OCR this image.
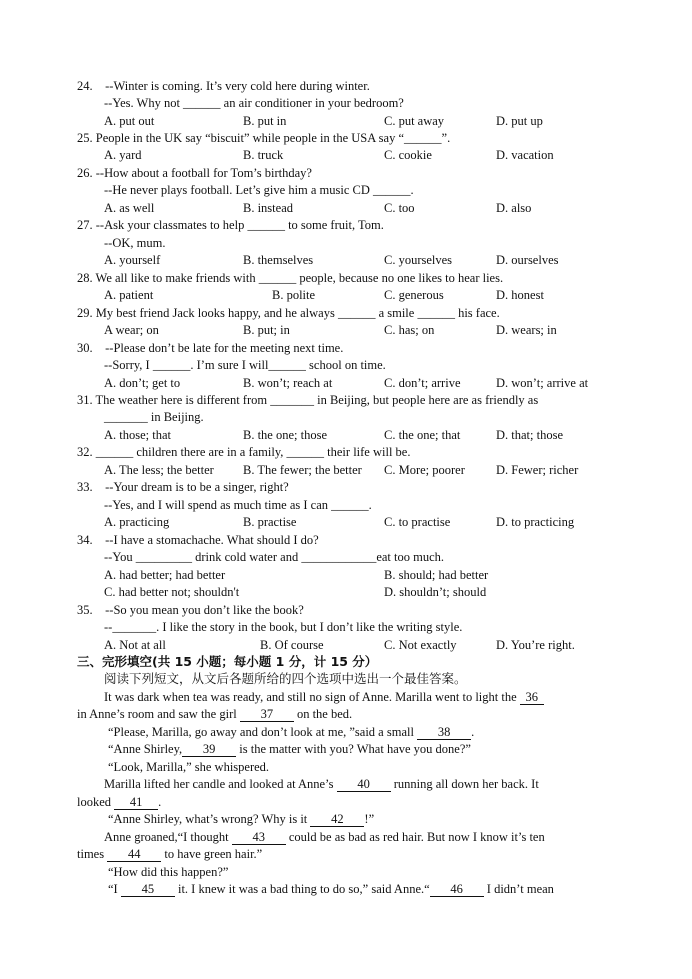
24. --Winter is coming. It’s very cold here during winter.
--Yes. Why not ______ an air conditioner in your bedroom?
A. put out	B. put in	C. put away	D. put up
25. People in the UK say “biscuit” while people in the USA say “______”.
A. yard	B. truck	C. cookie	D. vacation
26. --How about a football for Tom’s birthday?
--He never plays football. Let’s give him a music CD ______.
A. as well	B. instead	C. too	D. also
27. --Ask your classmates to help ______ to some fruit, Tom.
--OK, mum.
A. yourself	B. themselves	C. yourselves	D. ourselves
28. We all like to make friends with ______ people, because no one likes to hear lies.
A. patient	B. polite	C. generous	D. honest
29. My best friend Jack looks happy, and he always ______ a smile ______ his face.
A wear; on	B. put; in	C. has; on	D. wears; in
30. --Please don’t be late for the meeting next time.
--Sorry, I ______. I’m sure I will______ school on time.
A. don’t; get to	B. won’t; reach at	C. don’t; arrive	D. won’t; arrive at
31. The weather here is different from _______ in Beijing, but people here are as friendly as
_______ in Beijing.
A. those; that	B. the one; those	C. the one; that	D. that; those
32. ______ children there are in a family, ______ their life will be.
A. The less; the better B. The fewer; the better C. More; poorer D. Fewer; richer
33. --Your dream is to be a singer, right?
--Yes, and I will spend as much time as I can ______.
A. practicing	B. practise	C. to practise	D. to practicing
34. --I have a stomachache. What should I do?
--You _________ drink cold water and ____________eat too much.
A. had better; had better	B. should; had better
C. had better not; shouldn't	D. shouldn’t; should
35. --So you mean you don’t like the book?
--_______. I like the story in the book, but I don’t like the writing style.
A. Not at all	B. Of course	C. Not exactly	D. You’re right.
三、完形填空(共 15 小题；每小题 1 分，计 15 分）
阅读下列短文，从文后各题所给的四个选项中选出一个最佳答案。
It was dark when tea was ready, and still no sign of Anne. Marilla went to light the 36
in Anne’s room and saw the girl 37 on the bed.
“Please, Marilla, go away and don’t look at me, ”said a small 38 .
“Anne Shirley, 39 is the matter with you? What have you done?”
“Look, Marilla,” she whispered.
Marilla lifted her candle and looked at Anne’s 40 running all down her back. It
looked 41 .
“Anne Shirley, what’s wrong? Why is it 42 !”
Anne groaned,“I thought 43 could be as bad as red hair. But now I know it’s ten
times 44 to have green hair.”
“How did this happen?”
“I 45 it. I knew it was a bad thing to do so,” said Anne.“ 46 I didn’t mean
